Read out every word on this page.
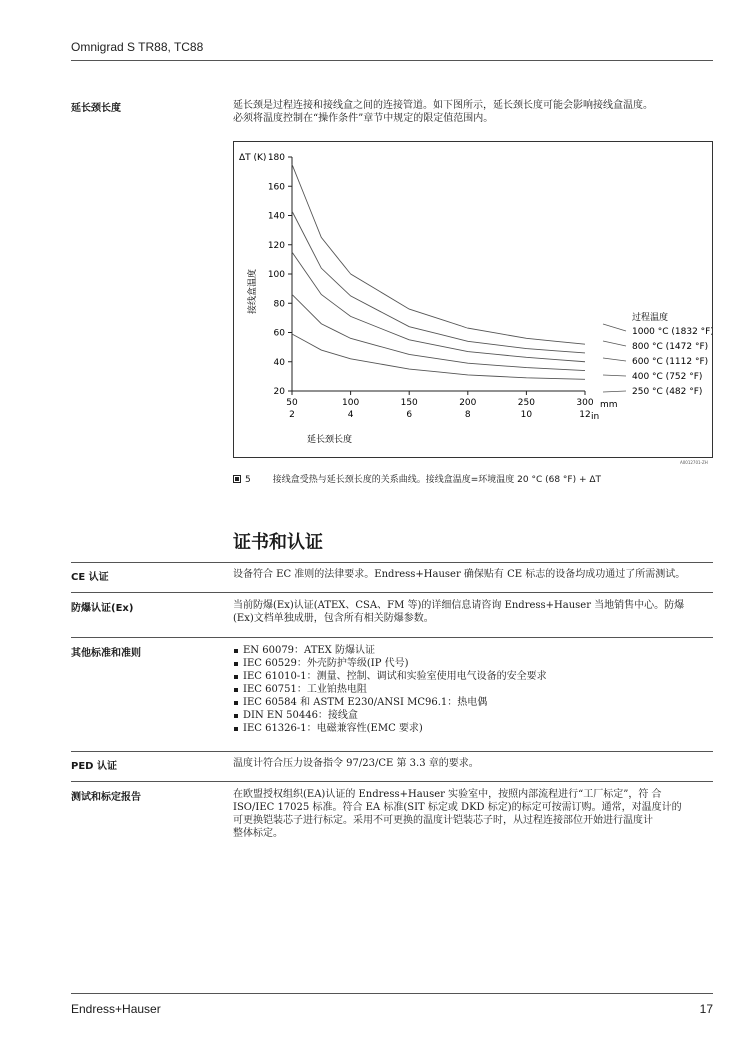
Omnigrad S TR88, TC88
延长颈长度	延长颈是过程连接和接线盒之间的连接管道。如下图所示，延长颈长度可能会影响接线盒温度。

必须将温度控制在“操作条件”章节中规定的限定值范围内。

180
160
140
120
100
80
60
40
20
50
2
100
4
150
6
200
8
250
10
300
12
1000 °C (1832 °F)
800 °C (1472 °F)
600 °C (1112 °F)
400 °C (752 °F)
250 °C (482 °F)
ΔT (K)
接线盒温度
延长颈长度
mm
in
过程温度
A0012701-ZH
5 接线盒受热与延长颈长度的关系曲线。接线盒温度=环境温度 20 °C (68 °F) + ΔT
证书和认证
CE 认证	设备符合 EC 准则的法律要求。Endress+Hauser 确保贴有 CE 标志的设备均成功通过了所需测试。
防爆认证(Ex)	当前防爆(Ex)认证(ATEX、CSA、FM 等)的详细信息请咨询 Endress+Hauser 当地销售中心。防爆

(Ex)文档单独成册，包含所有相关防爆参数。

其他标准和准则	EN 60079：ATEX 防爆认证
IEC 60529：外壳防护等级(IP 代号)
IEC 61010-1：测量、控制、调试和实验室使用电气设备的安全要求
IEC 60751：工业铂热电阻
IEC 60584 和 ASTM E230/ANSI MC96.1：热电偶
DIN EN 50446：接线盒
IEC 61326-1：电磁兼容性(EMC 要求)
PED 认证	温度计符合压力设备指令 97/23/CE 第 3.3 章的要求。
测试和标定报告	在欧盟授权组织(EA)认证的 Endress+Hauser 实验室中，按照内部流程进行“工厂标定”，符 合

ISO/IEC 17025 标准。符合 EA 标准(SIT 标定或 DKD 标定)的标定可按需订购。通常，对温度计的

可更换铠装芯子进行标定。采用不可更换的温度计铠装芯子时，从过程连接部位开始进行温度计

整体标定。

Endress+Hauser	17
